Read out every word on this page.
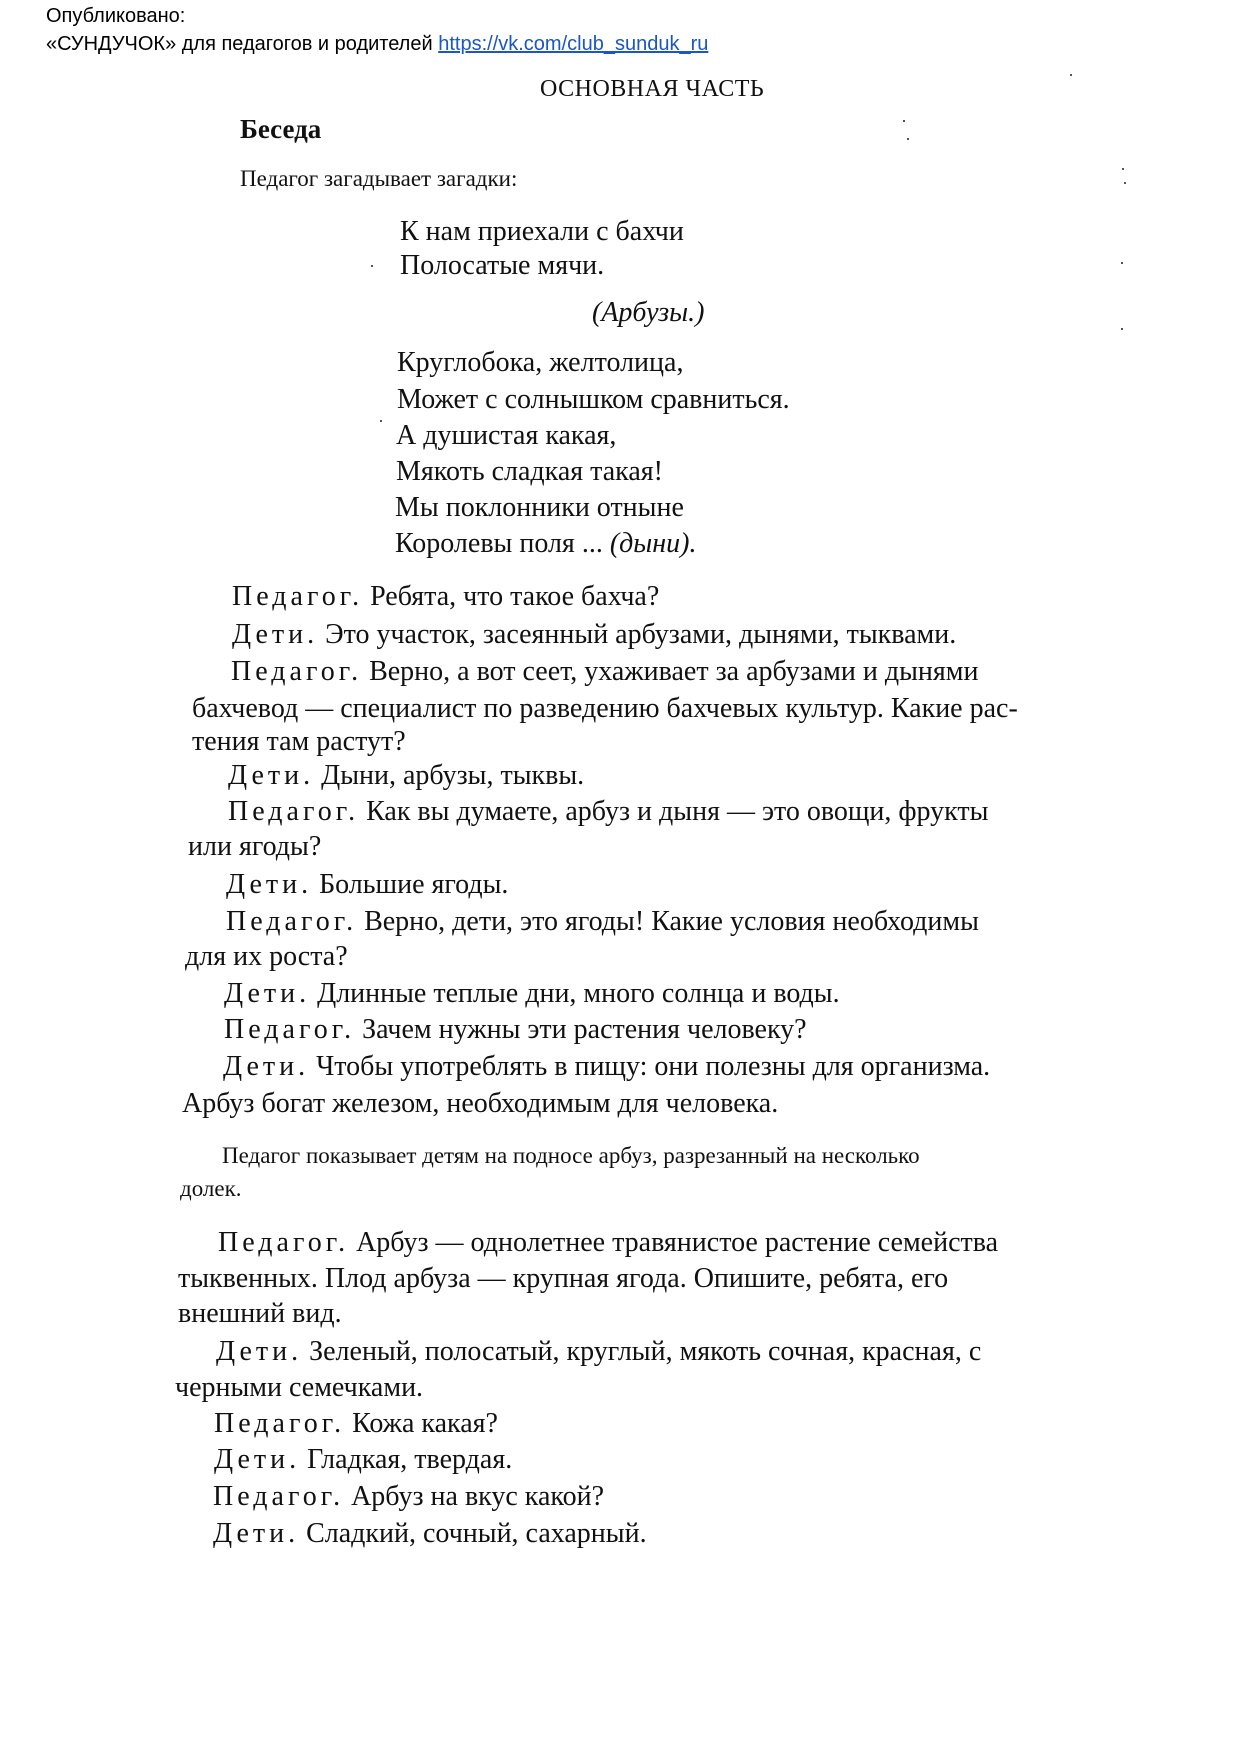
Опубликовано:
«СУНДУЧОК» для педагогов и родителей https://vk.com/club_sunduk_ru
ОСНОВНАЯ ЧАСТЬ
Беседа
Педагог загадывает загадки:
К нам приехали с бахчи
Полосатые мячи.
(Арбузы.)
Круглобока, желтолица,
Может с солнышком сравниться.
А душистая какая,
Мякоть сладкая такая!
Мы поклонники отныне
Королевы поля ... (дыни).
Педагог. Ребята, что такое бахча?
Дети. Это участок, засеянный арбузами, дынями, тыквами.
Педагог. Верно, а вот сеет, ухаживает за арбузами и дынями
бахчевод — специалист по разведению бахчевых культур. Какие рас-
тения там растут?
Дети. Дыни, арбузы, тыквы.
Педагог. Как вы думаете, арбуз и дыня — это овощи, фрукты
или ягоды?
Дети. Большие ягоды.
Педагог. Верно, дети, это ягоды! Какие условия необходимы
для их роста?
Дети. Длинные теплые дни, много солнца и воды.
Педагог. Зачем нужны эти растения человеку?
Дети. Чтобы употреблять в пищу: они полезны для организма.
Арбуз богат железом, необходимым для человека.
Педагог показывает детям на подносе арбуз, разрезанный на несколько
долек.
Педагог. Арбуз — однолетнее травянистое растение семейства
тыквенных. Плод арбуза — крупная ягода. Опишите, ребята, его
внешний вид.
Дети. Зеленый, полосатый, круглый, мякоть сочная, красная, с
черными семечками.
Педагог. Кожа какая?
Дети. Гладкая, твердая.
Педагог. Арбуз на вкус какой?
Дети. Сладкий, сочный, сахарный.
